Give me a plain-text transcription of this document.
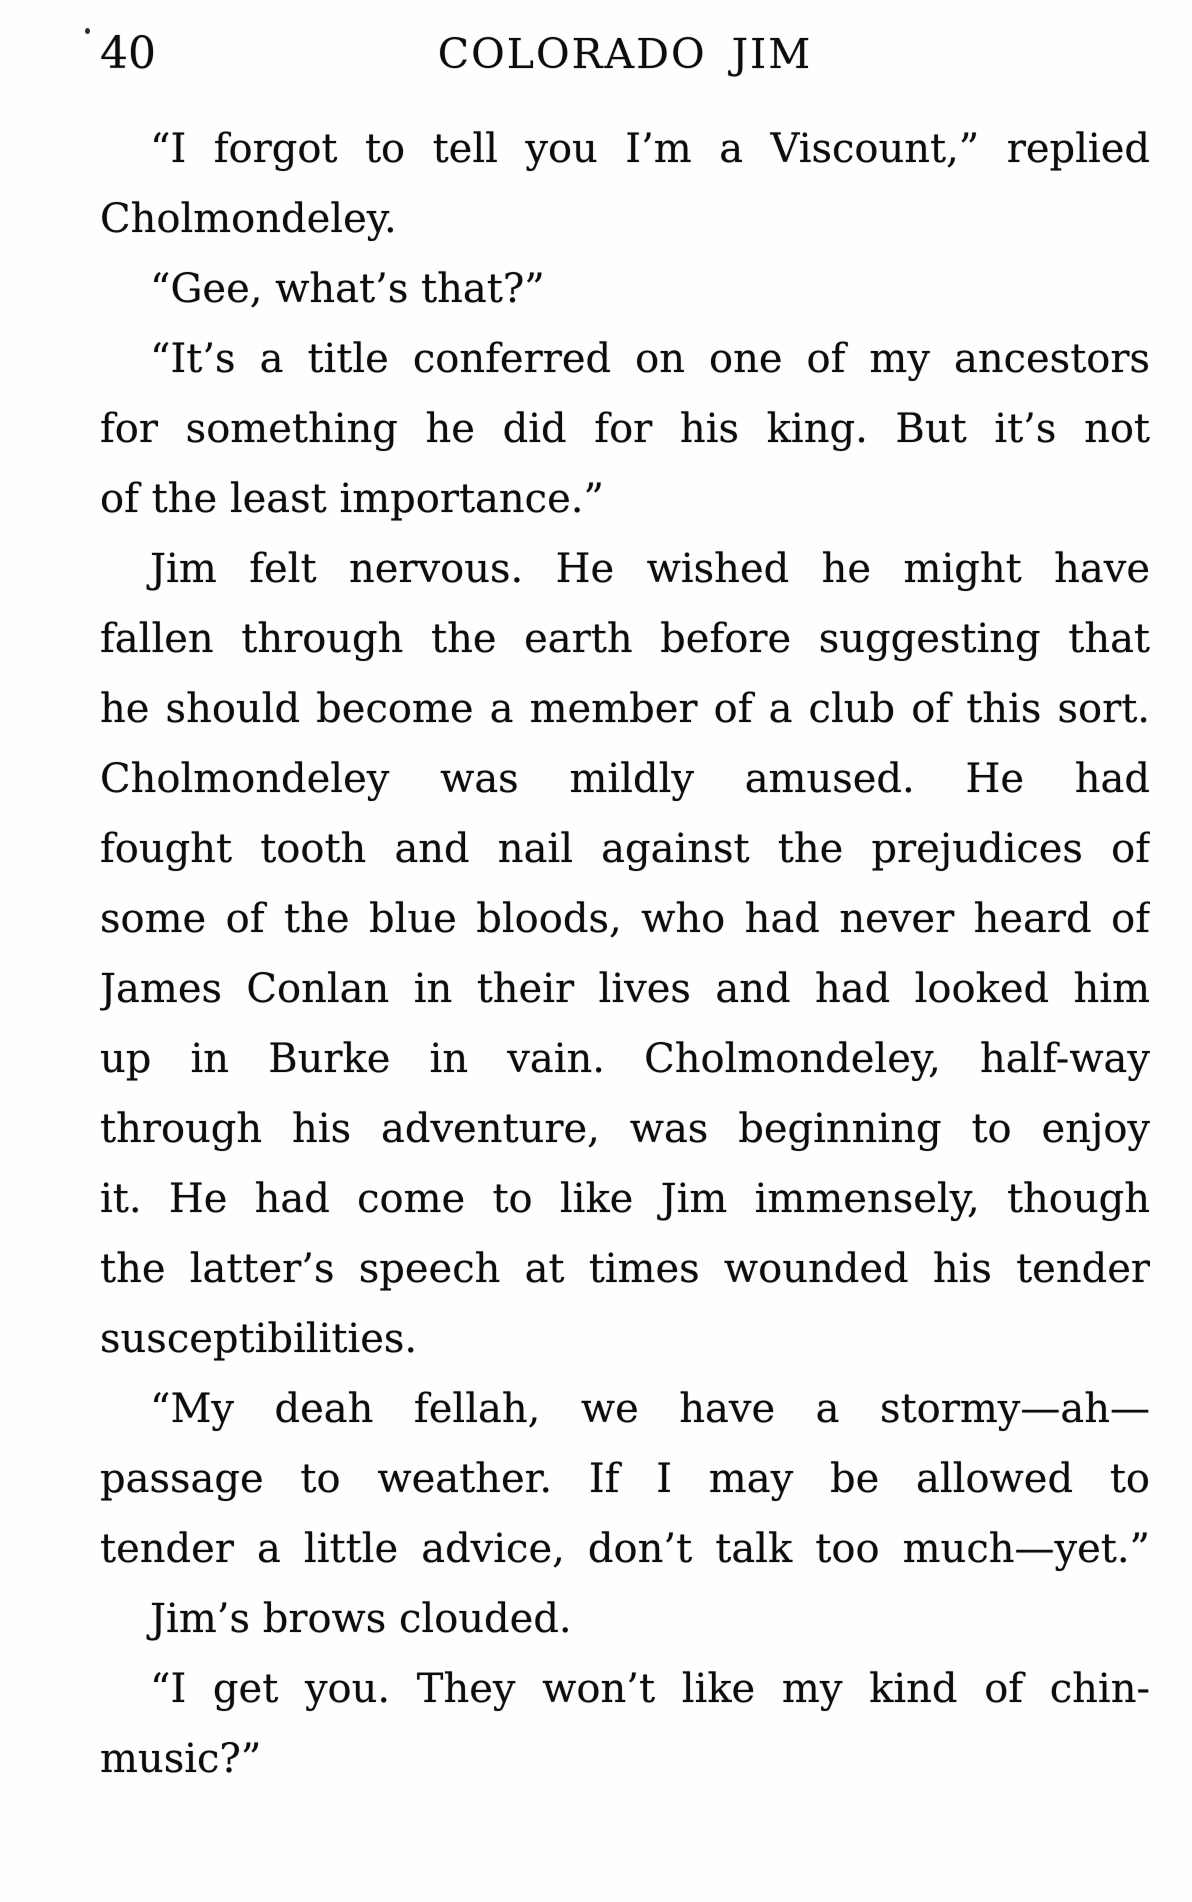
40	COLORADO JIM
“I forgot to tell you I’m a Viscount,” replied
Cholmondeley.
“Gee, what’s that?”
“It’s a title conferred on one of my ancestors
for something he did for his king. But it’s not
of the least importance.”
Jim felt nervous. He wished he might have
fallen through the earth before suggesting that
he should become a member of a club of this sort.
Cholmondeley was mildly amused. He had
fought tooth and nail against the prejudices of
some of the blue bloods, who had never heard of
James Conlan in their lives and had looked him
up in Burke in vain. Cholmondeley, half-way
through his adventure, was beginning to enjoy
it. He had come to like Jim immensely, though
the latter’s speech at times wounded his tender
susceptibilities.
“My deah fellah, we have a stormy—ah—
passage to weather. If I may be allowed to
tender a little advice, don’t talk too much—yet.”
Jim’s brows clouded.
“I get you. They won’t like my kind of chin-
music?”
